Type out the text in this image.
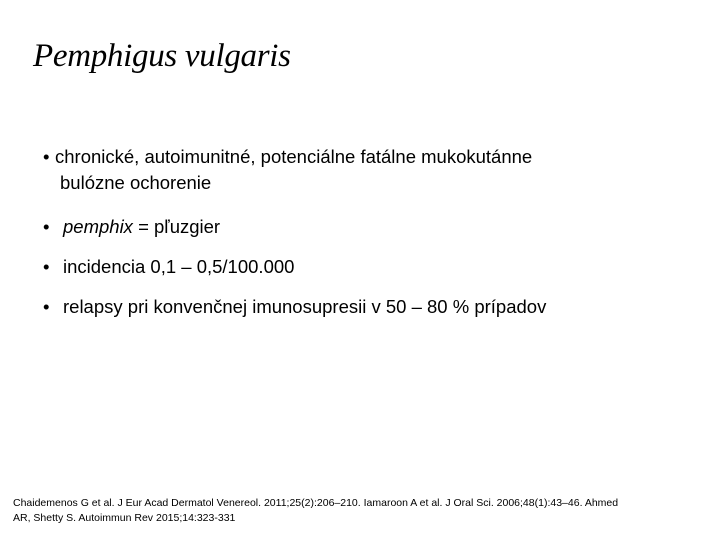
Pemphigus vulgaris
• chronické, autoimunitné, potenciálne fatálne mukokutánne
bulózne ochorenie
• pemphix = pľuzgier
• incidencia 0,1 – 0,5/100.000
• relapsy pri konvenčnej imunosupresii v 50 – 80 % prípadov
Chaidemenos G et al. J Eur Acad Dermatol Venereol. 2011;25(2):206–210. Iamaroon A et al. J Oral Sci. 2006;48(1):43–46. Ahmed
AR, Shetty S. Autoimmun Rev 2015;14:323-331
